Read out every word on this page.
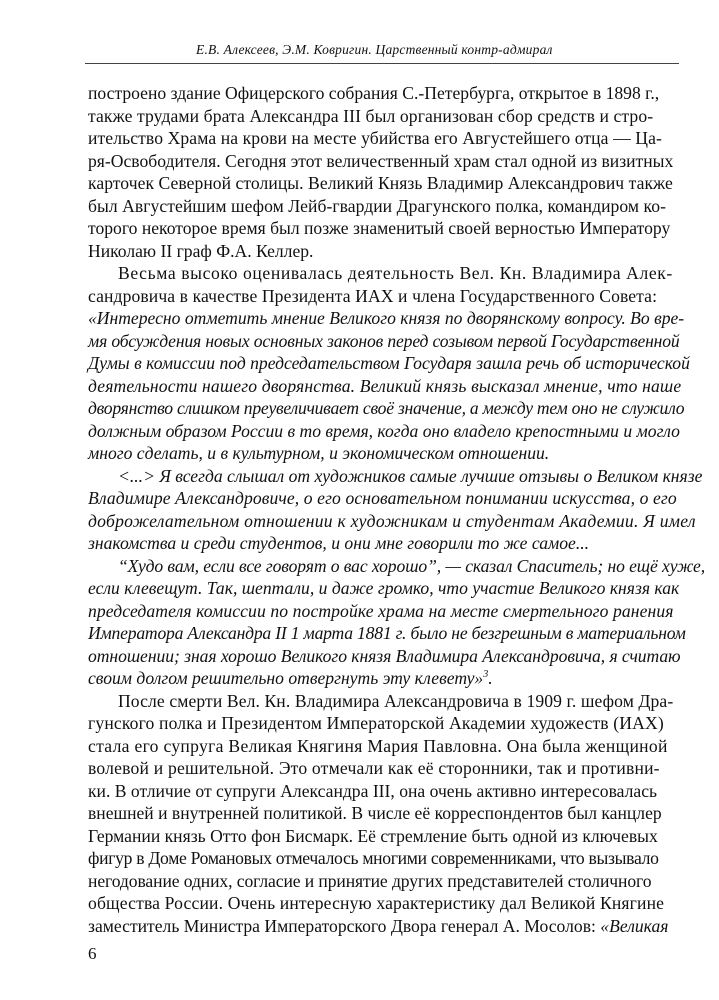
Е.В. Алексеев, Э.М. Ковригин. Царственный контр-адмирал
построено здание Офицерского собрания С.-Петербурга, открытое в 1898 г.,
также трудами брата Александра III был организован сбор средств и стро-
ительство Храма на крови на месте убийства его Августейшего отца — Ца-
ря-Освободителя. Сегодня этот величественный храм стал одной из визитных
карточек Северной столицы. Великий Князь Владимир Александрович также
был Августейшим шефом Лейб-гвардии Драгунского полка, командиром ко-
торого некоторое время был позже знаменитый своей верностью Императору
Николаю II граф Ф.А. Келлер.
Весьма высоко оценивалась деятельность Вел. Кн. Владимира Алек-
сандровича в качестве Президента ИАХ и члена Государственного Совета:
«Интересно отметить мнение Великого князя по дворянскому вопросу. Во вре-
мя обсуждения новых основных законов перед созывом первой Государственной
Думы в комиссии под председательством Государя зашла речь об исторической
деятельности нашего дворянства. Великий князь высказал мнение, что наше
дворянство слишком преувеличивает своё значение, а между тем оно не служило
должным образом России в то время, когда оно владело крепостными и могло
много сделать, и в культурном, и экономическом отношении.
<...> Я всегда слышал от художников самые лучшие отзывы о Великом князе
Владимире Александровиче, о его основательном понимании искусства, о его
доброжелательном отношении к художникам и студентам Академии. Я имел
знакомства и среди студентов, и они мне говорили то же самое...
“Худо вам, если все говорят о вас хорошо”, — сказал Спаситель; но ещё хуже,
если клевещут. Так, шептали, и даже громко, что участие Великого князя как
председателя комиссии по постройке храма на месте смертельного ранения
Императора Александра II 1 марта 1881 г. было не безгрешным в материальном
отношении; зная хорошо Великого князя Владимира Александровича, я считаю
своим долгом решительно отвергнуть эту клевету»$^3$.
После смерти Вел. Кн. Владимира Александровича в 1909 г. шефом Дра-
гунского полка и Президентом Императорской Академии художеств (ИАХ)
стала его супруга Великая Княгиня Мария Павловна. Она была женщиной
волевой и решительной. Это отмечали как её сторонники, так и противни-
ки. В отличие от супруги Александра III, она очень активно интересовалась
внешней и внутренней политикой. В числе её корреспондентов был канцлер
Германии князь Отто фон Бисмарк. Её стремление быть одной из ключевых
фигур в Доме Романовых отмечалось многими современниками, что вызывало
негодование одних, согласие и принятие других представителей столичного
общества России. Очень интересную характеристику дал Великой Княгине
заместитель Министра Императорского Двора генерал А. Мосолов: «Великая
6
